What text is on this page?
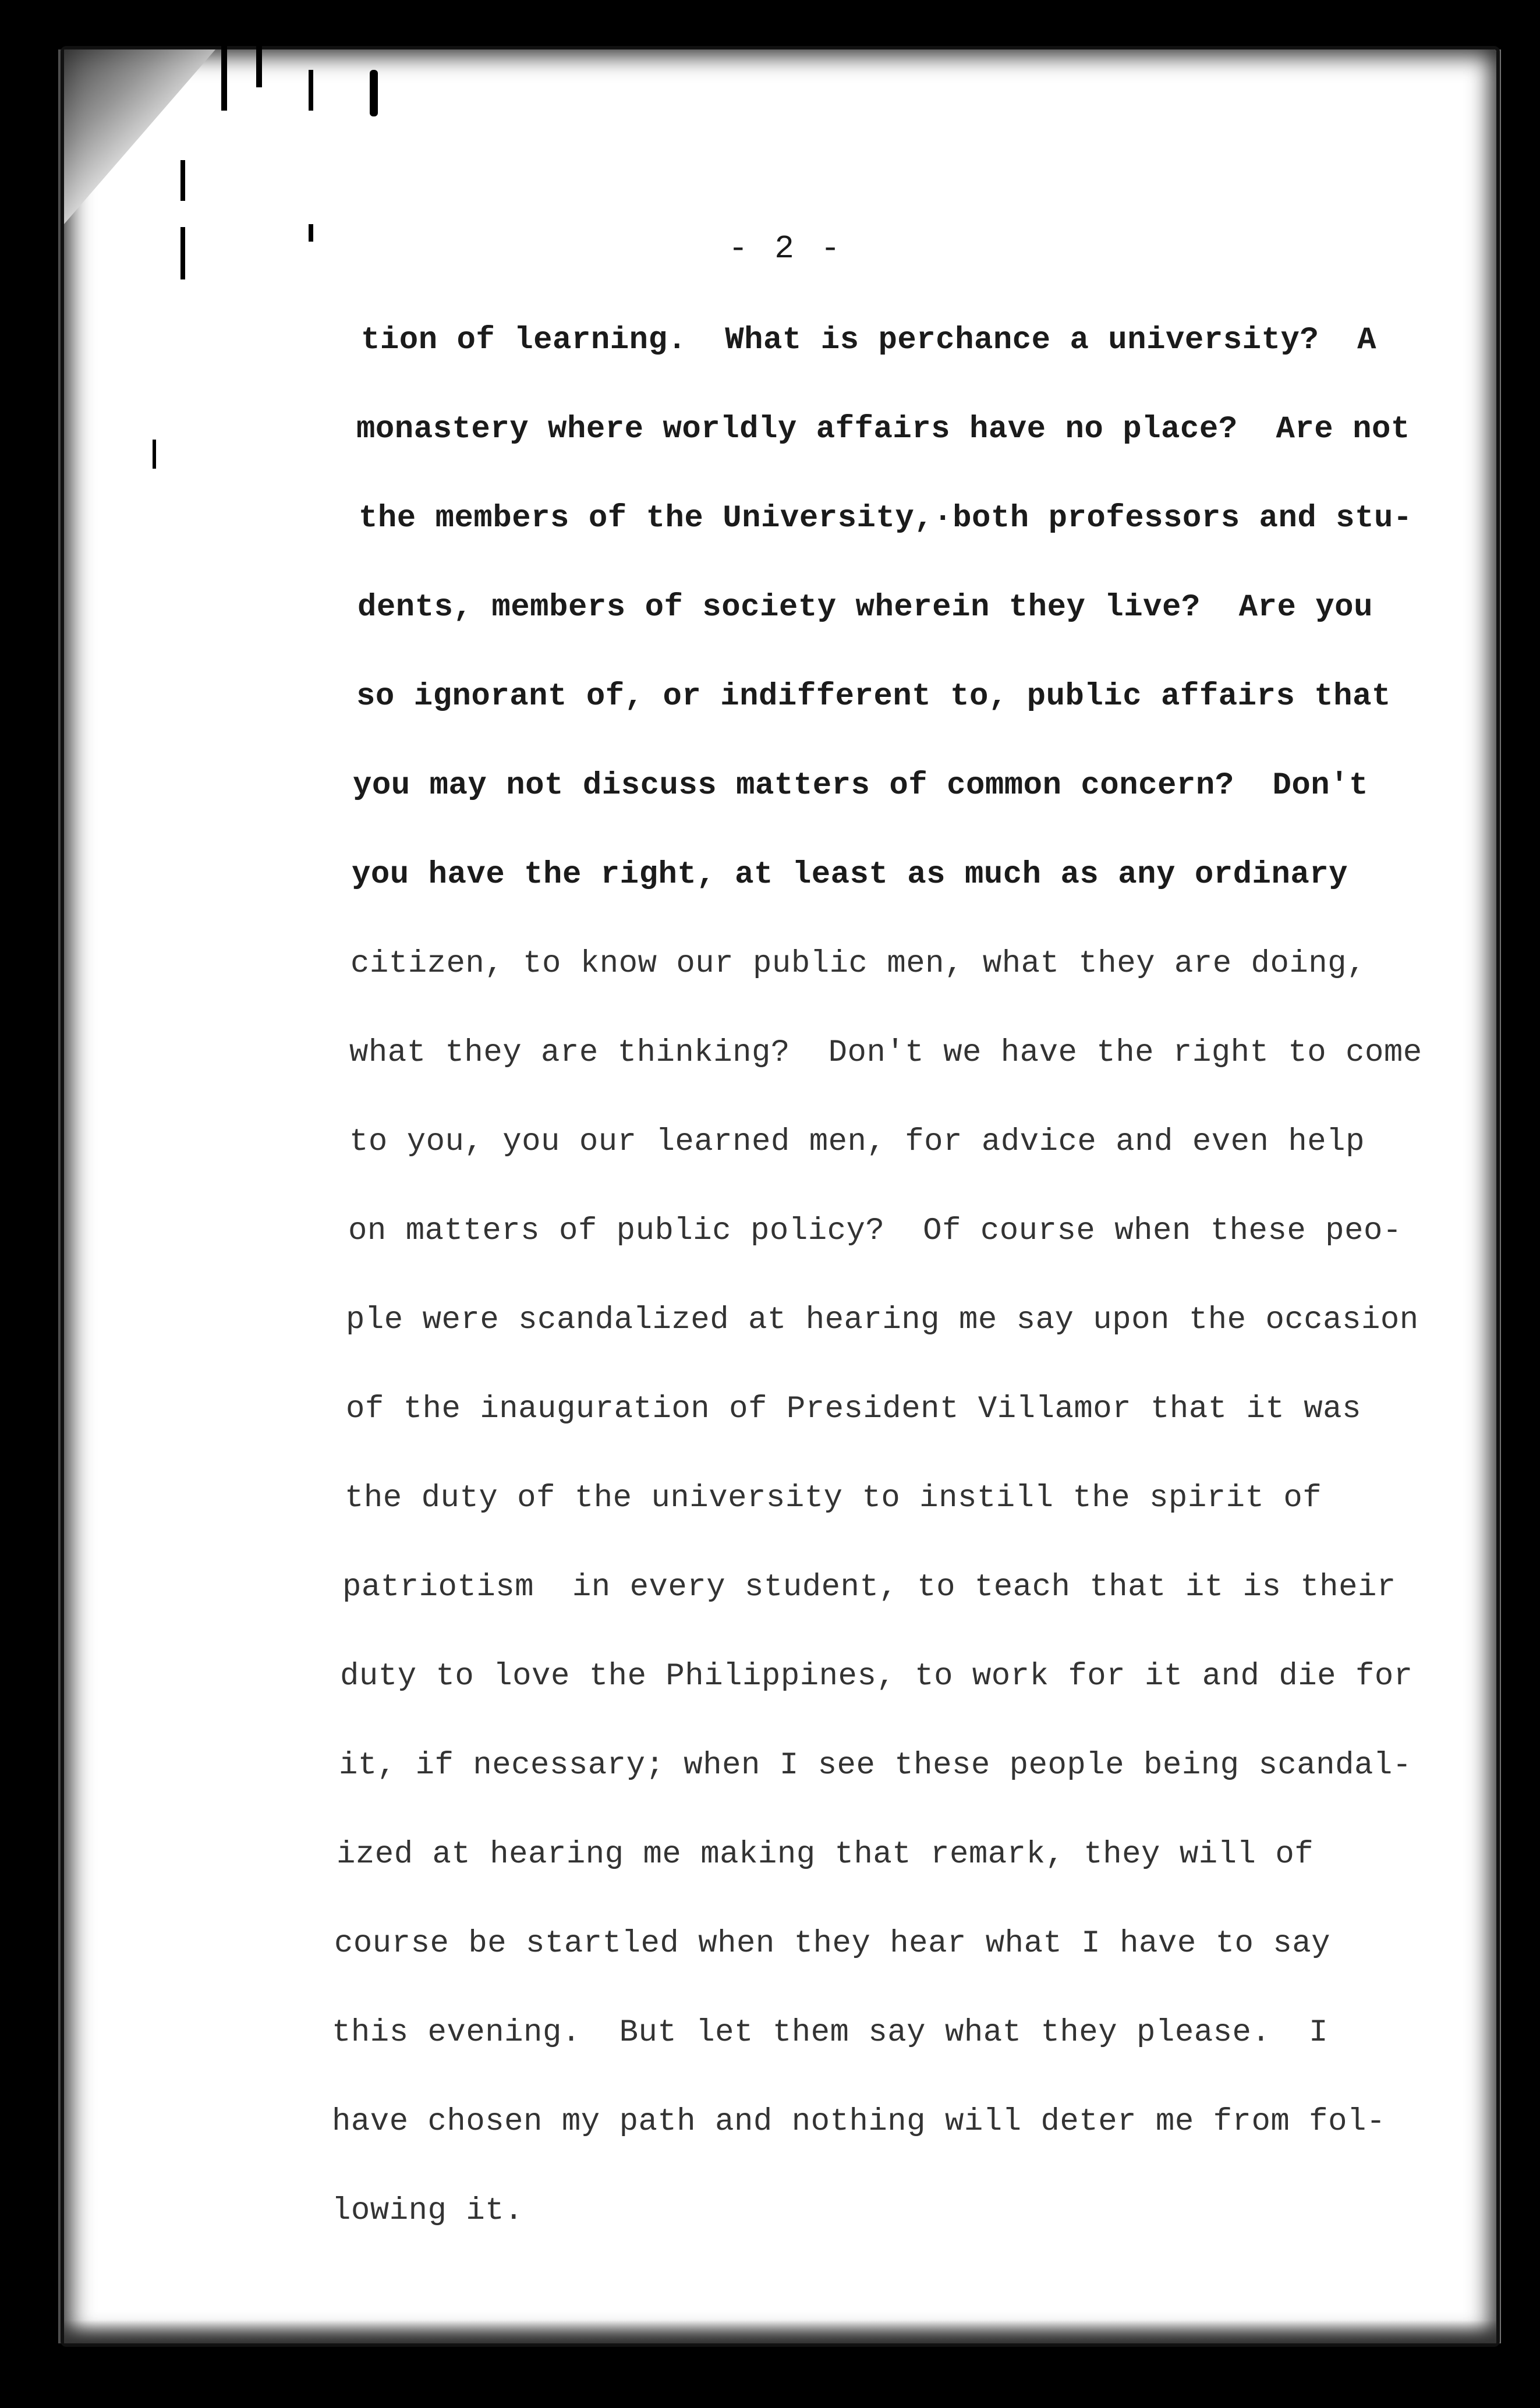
- 2 -
tion of learning.  What is perchance a university?  A
monastery where worldly affairs have no place?  Are not
the members of the University,·both professors and stu-
dents, members of society wherein they live?  Are you
so ignorant of, or indifferent to, public affairs that
you may not discuss matters of common concern?  Don't
you have the right, at least as much as any ordinary
citizen, to know our public men, what they are doing,
what they are thinking?  Don't we have the right to come
to you, you our learned men, for advice and even help
on matters of public policy?  Of course when these peo-
ple were scandalized at hearing me say upon the occasion
of the inauguration of President Villamor that it was
the duty of the university to instill the spirit of
patriotism  in every student, to teach that it is their
duty to love the Philippines, to work for it and die for
it, if necessary; when I see these people being scandal-
ized at hearing me making that remark, they will of
course be startled when they hear what I have to say
this evening.  But let them say what they please.  I
have chosen my path and nothing will deter me from fol-
lowing it.
